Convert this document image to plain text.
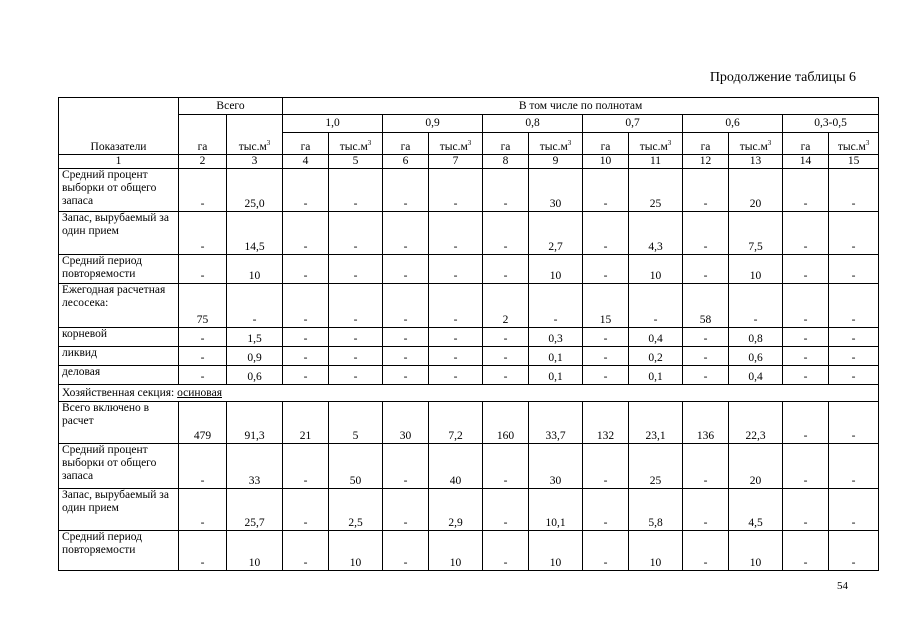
Продолжение таблицы 6
Показатели	Всего		В том числе по полнотам											
	га	$тыс.м^3$	1,0		0,9		0,8		0,7		0,6		0,3-0,5	
			га	$тыс.м^3$	га	$тыс.м^3$	га	$тыс.м^3$	га	$тыс.м^3$	га	$тыс.м^3$	га	$тыс.м^3$
1	2	3	4	5	6	7	8	9	10	11	12	13	14	15
Средний процент выборки от общего запаса	-	25,0	-	-	-	-	-	30	-	25	-	20	-	-
Запас, вырубаемый за один прием	-	14,5	-	-	-	-	-	2,7	-	4,3	-	7,5	-	-
Средний период повторяемости	-	10	-	-	-	-	-	10	-	10	-	10	-	-
Ежегодная расчетная лесосека:	75	-	-	-	-	-	2	-	15	-	58	-	-	-
корневой	-	1,5	-	-	-	-	-	0,3	-	0,4	-	0,8	-	-
ликвид	-	0,9	-	-	-	-	-	0,1	-	0,2	-	0,6	-	-
деловая	-	0,6	-	-	-	-	-	0,1	-	0,1	-	0,4	-	-
Хозяйственная секция: осиновая														
Всего включено в расчет	479	91,3	21	5	30	7,2	160	33,7	132	23,1	136	22,3	-	-
Средний процент выборки от общего запаса	-	33	-	50	-	40	-	30	-	25	-	20	-	-
Запас, вырубаемый за один прием	-	25,7	-	2,5	-	2,9	-	10,1	-	5,8	-	4,5	-	-
Средний период повторяемости	-	10	-	10	-	10	-	10	-	10	-	10	-	-
54
